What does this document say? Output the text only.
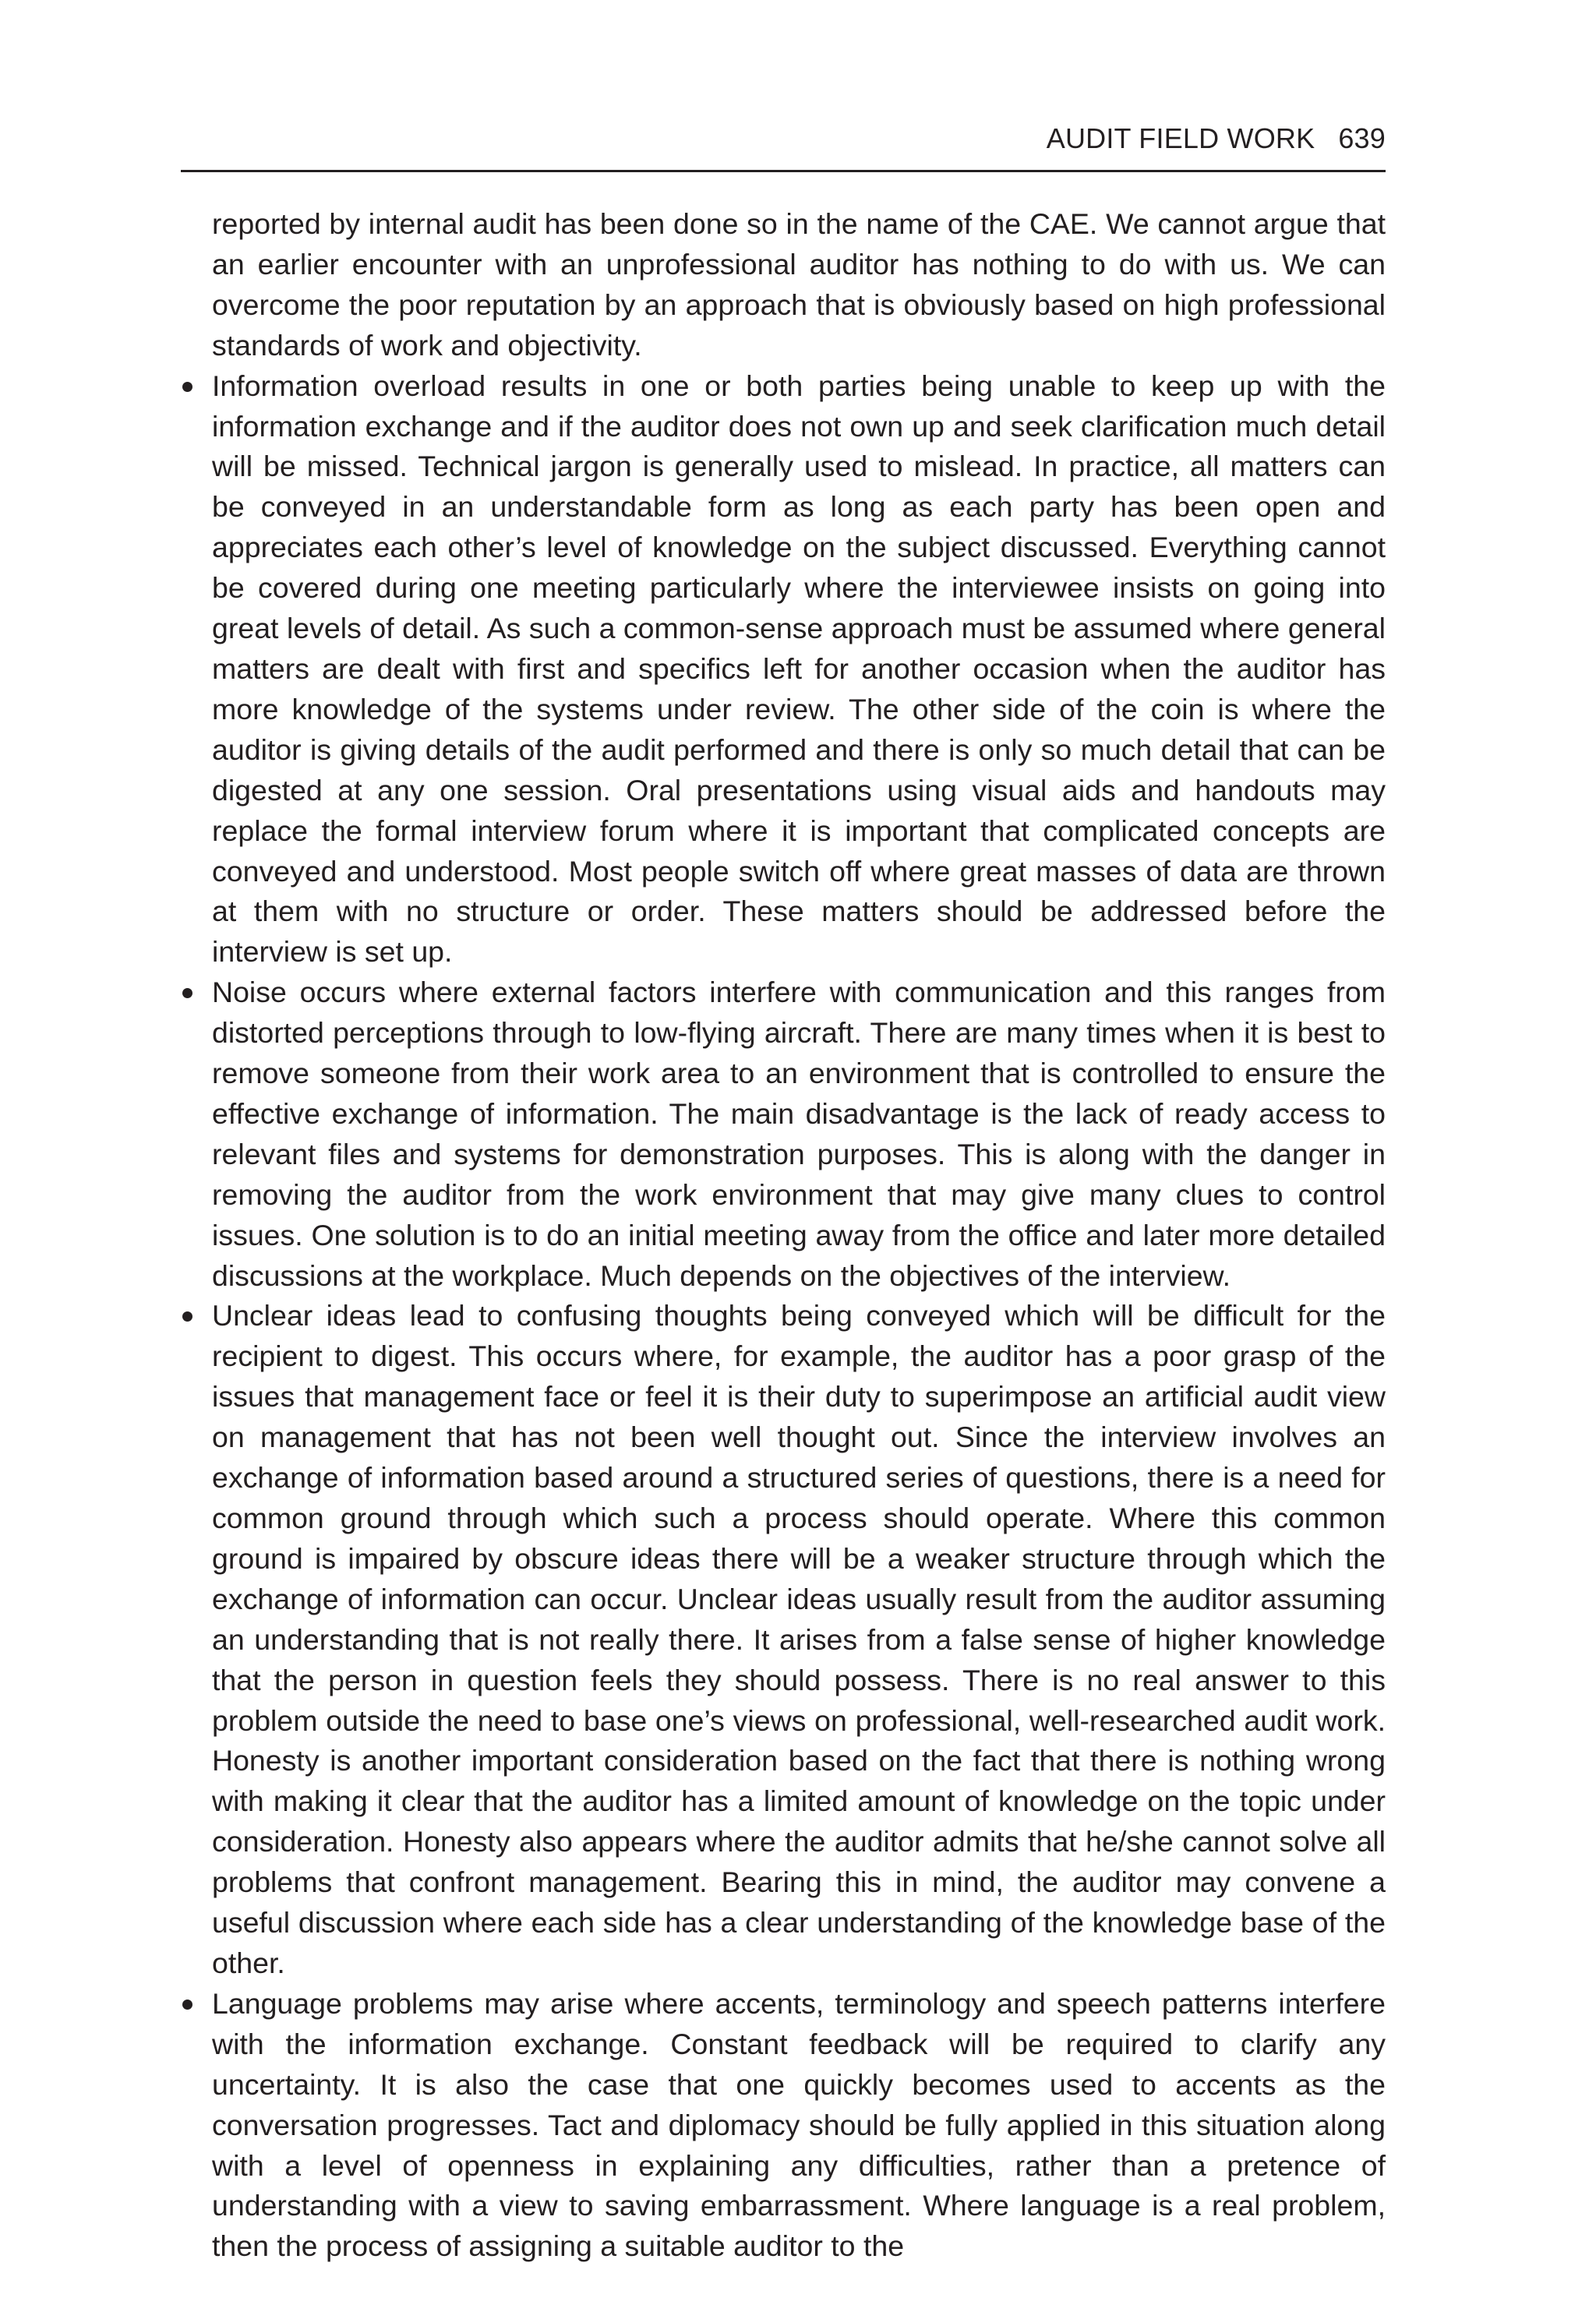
AUDIT FIELD WORK 639

reported by internal audit has been done so in the name of the CAE. We cannot argue that an earlier encounter with an unprofessional auditor has nothing to do with us. We can overcome the poor reputation by an approach that is obviously based on high professional standards of work and objectivity.

Information overload results in one or both parties being unable to keep up with the information exchange and if the auditor does not own up and seek clarification much detail will be missed. Technical jargon is generally used to mislead. In practice, all matters can be conveyed in an understandable form as long as each party has been open and appreciates each other’s level of knowledge on the subject discussed. Everything cannot be covered during one meeting particularly where the interviewee insists on going into great levels of detail. As such a common-sense approach must be assumed where general matters are dealt with first and specifics left for another occasion when the auditor has more knowledge of the systems under review. The other side of the coin is where the auditor is giving details of the audit performed and there is only so much detail that can be digested at any one session. Oral presentations using visual aids and handouts may replace the formal interview forum where it is important that complicated concepts are conveyed and understood. Most people switch off where great masses of data are thrown at them with no structure or order. These matters should be addressed before the interview is set up.
Noise occurs where external factors interfere with communication and this ranges from distorted perceptions through to low-flying aircraft. There are many times when it is best to remove someone from their work area to an environment that is controlled to ensure the effective exchange of information. The main disadvantage is the lack of ready access to relevant files and systems for demonstration purposes. This is along with the danger in removing the auditor from the work environment that may give many clues to control issues. One solution is to do an initial meeting away from the office and later more detailed discussions at the workplace. Much depends on the objectives of the interview.
Unclear ideas lead to confusing thoughts being conveyed which will be difficult for the recipient to digest. This occurs where, for example, the auditor has a poor grasp of the issues that management face or feel it is their duty to superimpose an artificial audit view on management that has not been well thought out. Since the interview involves an exchange of information based around a structured series of questions, there is a need for common ground through which such a process should operate. Where this common ground is impaired by obscure ideas there will be a weaker structure through which the exchange of information can occur. Unclear ideas usually result from the auditor assuming an understanding that is not really there. It arises from a false sense of higher knowledge that the person in question feels they should possess. There is no real answer to this problem outside the need to base one’s views on professional, well-researched audit work. Honesty is another important consideration based on the fact that there is nothing wrong with making it clear that the auditor has a limited amount of knowledge on the topic under consideration. Honesty also appears where the auditor admits that he/she cannot solve all problems that confront management. Bearing this in mind, the auditor may convene a useful discussion where each side has a clear understanding of the knowledge base of the other.
Language problems may arise where accents, terminology and speech patterns interfere with the information exchange. Constant feedback will be required to clarify any uncertainty. It is also the case that one quickly becomes used to accents as the conversation progresses. Tact and diplomacy should be fully applied in this situation along with a level of openness in explaining any difficulties, rather than a pretence of understanding with a view to saving embarrassment. Where language is a real problem, then the process of assigning a suitable auditor to the
